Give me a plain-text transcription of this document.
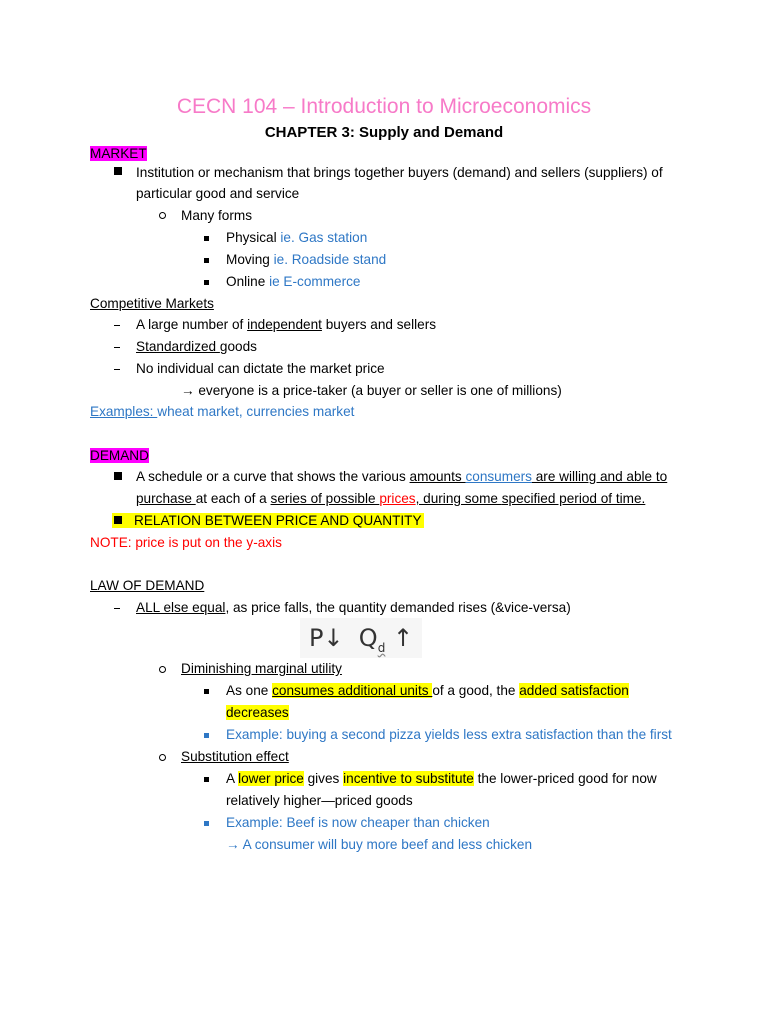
CECN 104 – Introduction to Microeconomics
CHAPTER 3: Supply and Demand
MARKET
Institution or mechanism that brings together buyers (demand) and sellers (suppliers) of
particular good and service
Many forms
Physical ie. Gas station
Moving ie. Roadside stand
Online ie E-commerce
Competitive Markets
A large number of independent buyers and sellers
Standardized goods
No individual can dictate the market price
→ everyone is a price-taker (a buyer or seller is one of millions)
Examples: wheat market, currencies market
DEMAND
A schedule or a curve that shows the various amounts consumers are willing and able to
purchase at each of a series of possible prices, during some specified period of time.
RELATION BETWEEN PRICE AND QUANTITY
NOTE: price is put on the y-axis
LAW OF DEMAND
ALL else equal, as price falls, the quantity demanded rises (&vice-versa)
P↓ $Q_d$ ↑
Diminishing marginal utility
As one consumes additional units of a good, the added satisfaction
decreases
Example: buying a second pizza yields less extra satisfaction than the first
Substitution effect
A lower price gives incentive to substitute the lower-priced good for now
relatively higher—priced goods
Example: Beef is now cheaper than chicken
→ A consumer will buy more beef and less chicken
